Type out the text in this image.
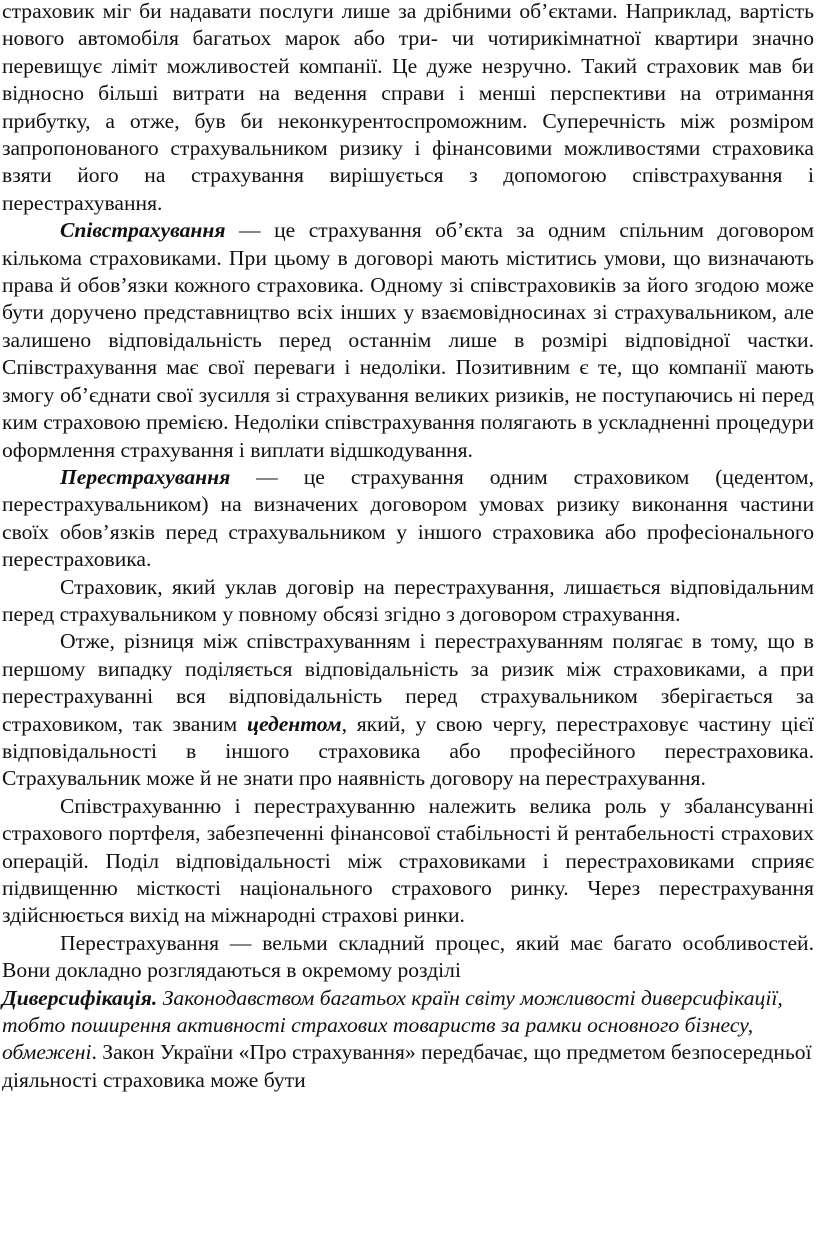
страховик міг би надавати послуги лише за дрібними об’єктами. Наприклад, вартість нового автомобіля багатьох марок або три- чи чотирикімнатної квартири значно перевищує ліміт можливостей компанії. Це дуже незручно. Такий страховик мав би відносно більші витрати на ведення справи і менші перспективи на отримання прибутку, а отже, був би неконкурентоспроможним. Суперечність між розміром запропонованого страхувальником ризику і фінансовими можливостями страховика взяти його на страхування вирішується з допомогою співстрахування і перестрахування.

Співстрахування — це страхування об’єкта за одним спільним договором кількома страховиками. При цьому в договорі мають міститись умови, що визначають права й обов’язки кожного страховика. Одному зі співстраховиків за його згодою може бути доручено представництво всіх інших у взаємовідносинах зі страхувальником, але залишено відповідальність перед останнім лише в розмірі відповідної частки. Співстрахування має свої переваги і недоліки. Позитивним є те, що компанії мають змогу об’єднати свої зусилля зі страхування великих ризиків, не поступаючись ні перед ким страховою премією. Недоліки співстрахування полягають в ускладненні процедури оформлення страхування і виплати відшкодування.

Перестрахування — це страхування одним страховиком (цедентом, перестрахувальником) на визначених договором умовах ризику виконання частини своїх обов’язків перед страхувальником у іншого страховика або професіонального перестраховика.

Страховик, який уклав договір на перестрахування, лишається відповідальним перед страхувальником у повному обсязі згідно з договором страхування.

Отже, різниця між співстрахуванням і перестрахуванням полягає в тому, що в першому випадку поділяється відповідальність за ризик між страховиками, а при перестрахуванні вся відповідальність перед страхувальником зберігається за страховиком, так званим цедентом, який, у свою чергу, перестраховує частину цієї відповідальності в іншого страховика або професійного перестраховика. Страхувальник може й не знати про наявність договору на перестрахування.

Співстрахуванню і перестрахуванню належить велика роль у збалансуванні страхового портфеля, забезпеченні фінансової стабільності й рентабельності страхових операцій. Поділ відповідальності між страховиками і перестраховиками сприяє підвищенню місткості національного страхового ринку. Через перестрахування здійснюється вихід на міжнародні страхові ринки.

Перестрахування — вельми складний процес, який має багато особливостей. Вони докладно розглядаються в окремому розділі

Диверсифікація. Законодавством багатьох країн світу можливості диверсифікації, тобто поширення активності страхових товариств за рамки основного бізнесу, обмежені. Закон України «Про страхування» передбачає, що предметом безпосередньої діяльності страховика може бути
